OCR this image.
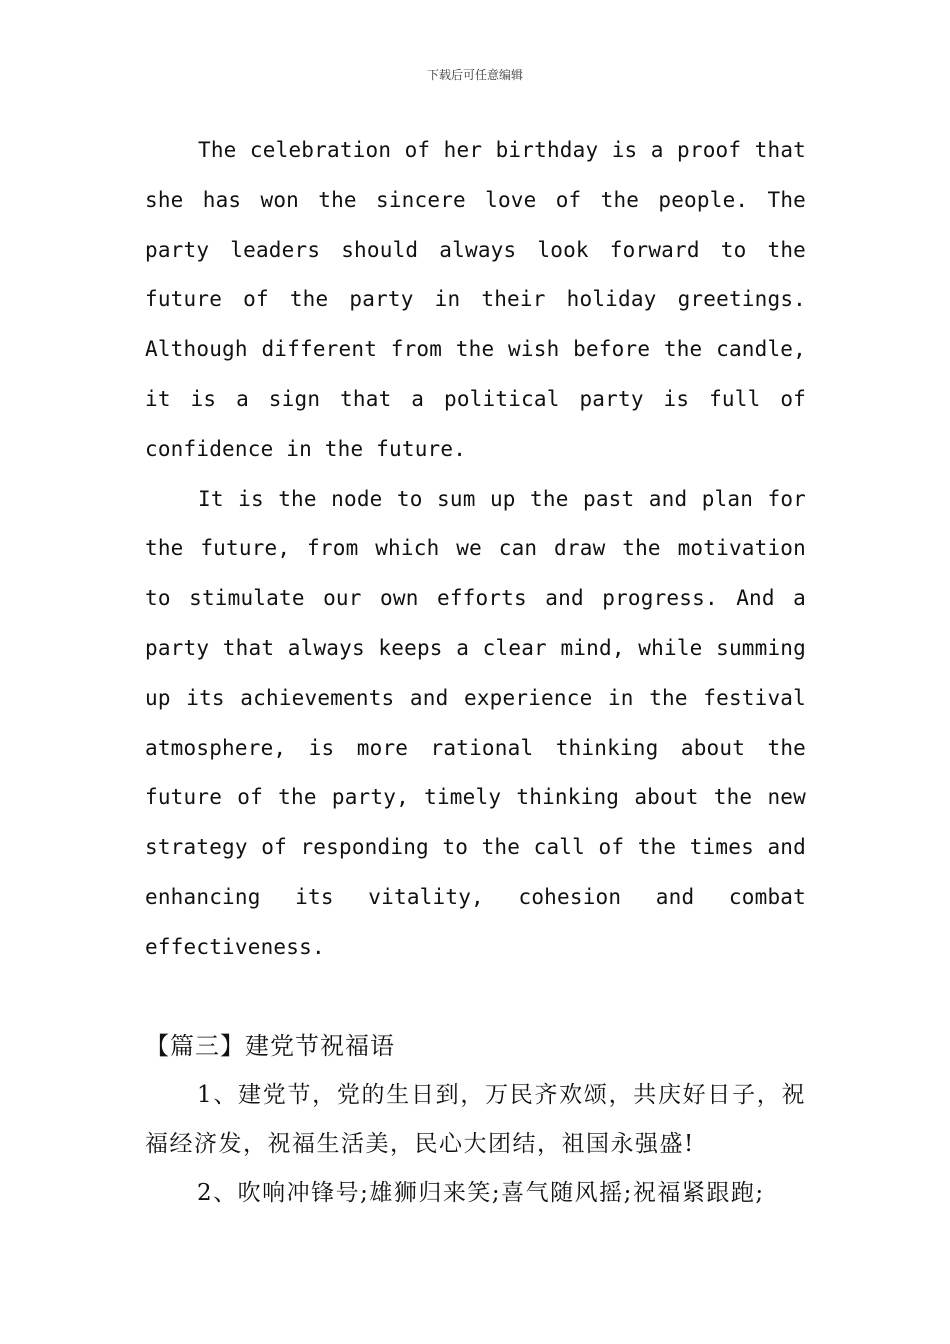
下载后可任意编辑

The celebration of her birthday is a proof that she has won the sincere love of the people. The party leaders should always look forward to the future of the party in their holiday greetings. Although different from the wish before the candle, it is a sign that a political party is full of confidence in the future.

It is the node to sum up the past and plan for the future, from which we can draw the motivation to stimulate our own efforts and progress. And a party that always keeps a clear mind, while summing up its achievements and experience in the festival atmosphere, is more rational thinking about the future of the party, timely thinking about the new strategy of responding to the call of the times and enhancing its vitality, cohesion and combat effectiveness.

【篇三】建党节祝福语

1、建党节，党的生日到，万民齐欢颂，共庆好日子，祝福经济发，祝福生活美，民心大团结，祖国永强盛!

2、吹响冲锋号;雄狮归来笑;喜气随风摇;祝福紧跟跑;
